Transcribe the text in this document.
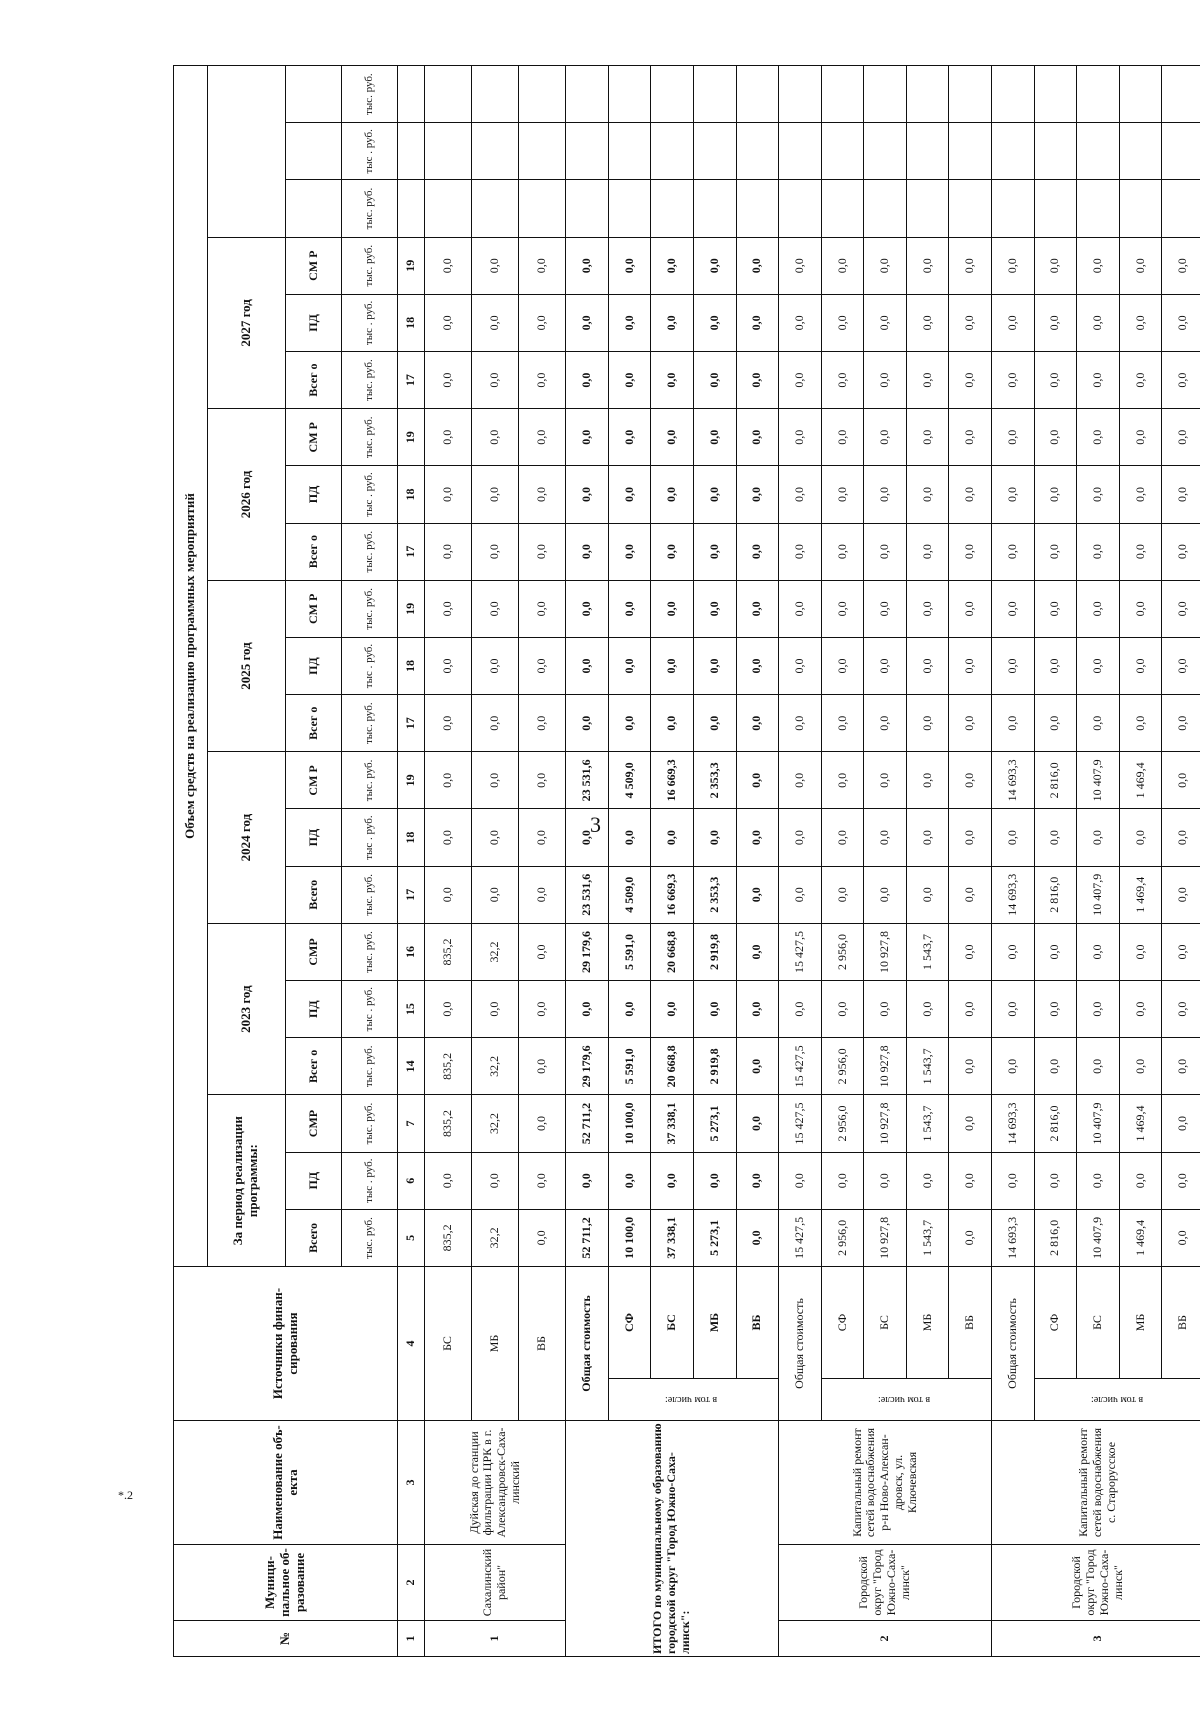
3
*.2
№	Муници-пальное об-разование	Наименование объ-екта	Источники финан-сирования		Объем средств на реализацию программных мероприятий																				
					За период реализации программы:			2023 год			2024 год			2025 год			2026 год			2027 год					
					Всего	ПД	СМР	Всег о	ПД	СМР	Всего	ПД	СМ Р	Всег о	ПД	СМ Р	Всег о	ПД	СМ Р	Всег о	ПД	СМ Р			
					тыс. руб.	тыс . руб.	тыс. руб.	тыс. руб.	тыс . руб.	тыс. руб.	тыс. руб.	тыс . руб.	тыс. руб.	тыс. руб.	тыс . руб.	тыс. руб.	тыс. руб.	тыс . руб.	тыс. руб.	тыс. руб.	тыс . руб.	тыс. руб.	тыс. руб.	тыс . руб.	тыс. руб.
1	2	3	4		5	6	7	14	15	16	17	18	19	17	18	19	17	18	19	17	18	19			
1	Сахалинский район"	Дуйская до станции фильтрации ЦРК в г. Александровск-Саха-линский	БС		835,2	0,0	835,2	835,2	0,0	835,2	0,0	0,0	0,0	0,0	0,0	0,0	0,0	0,0	0,0	0,0	0,0	0,0			
			МБ		32,2	0,0	32,2	32,2	0,0	32,2	0,0	0,0	0,0	0,0	0,0	0,0	0,0	0,0	0,0	0,0	0,0	0,0			
			ВБ		0,0	0,0	0,0	0,0	0,0	0,0	0,0	0,0	0,0	0,0	0,0	0,0	0,0	0,0	0,0	0,0	0,0	0,0			
ИТОГО по муниципальному образованию городской округ "Город Южно-Саха-линск":			Общая стоимость		52 711,2	0,0	52 711,2	29 179,6	0,0	29 179,6	23 531,6	0,0	23 531,6	0,0	0,0	0,0	0,0	0,0	0,0	0,0	0,0	0,0			
			в том числе:	СФ	10 100,0	0,0	10 100,0	5 591,0	0,0	5 591,0	4 509,0	0,0	4 509,0	0,0	0,0	0,0	0,0	0,0	0,0	0,0	0,0	0,0			
				БС	37 338,1	0,0	37 338,1	20 668,8	0,0	20 668,8	16 669,3	0,0	16 669,3	0,0	0,0	0,0	0,0	0,0	0,0	0,0	0,0	0,0			
				МБ	5 273,1	0,0	5 273,1	2 919,8	0,0	2 919,8	2 353,3	0,0	2 353,3	0,0	0,0	0,0	0,0	0,0	0,0	0,0	0,0	0,0			
				ВБ	0,0	0,0	0,0	0,0	0,0	0,0	0,0	0,0	0,0	0,0	0,0	0,0	0,0	0,0	0,0	0,0	0,0	0,0			
2	Городской округ "Город Южно-Саха-линск"	Капитальный ремонт сетей водоснабжения р-н Ново-Алексан-дровск, ул. Ключевская	Общая стоимость		15 427,5	0,0	15 427,5	15 427,5	0,0	15 427,5	0,0	0,0	0,0	0,0	0,0	0,0	0,0	0,0	0,0	0,0	0,0	0,0			
			в том числе:	СФ	2 956,0	0,0	2 956,0	2 956,0	0,0	2 956,0	0,0	0,0	0,0	0,0	0,0	0,0	0,0	0,0	0,0	0,0	0,0	0,0			
				БС	10 927,8	0,0	10 927,8	10 927,8	0,0	10 927,8	0,0	0,0	0,0	0,0	0,0	0,0	0,0	0,0	0,0	0,0	0,0	0,0			
				МБ	1 543,7	0,0	1 543,7	1 543,7	0,0	1 543,7	0,0	0,0	0,0	0,0	0,0	0,0	0,0	0,0	0,0	0,0	0,0	0,0			
				ВБ	0,0	0,0	0,0	0,0	0,0	0,0	0,0	0,0	0,0	0,0	0,0	0,0	0,0	0,0	0,0	0,0	0,0	0,0			
3	Городской округ "Город Южно-Саха-линск"	Капитальный ремонт сетей водоснабжения с. Старорусское	Общая стоимость		14 693,3	0,0	14 693,3	0,0	0,0	0,0	14 693,3	0,0	14 693,3	0,0	0,0	0,0	0,0	0,0	0,0	0,0	0,0	0,0			
			в том числе:	СФ	2 816,0	0,0	2 816,0	0,0	0,0	0,0	2 816,0	0,0	2 816,0	0,0	0,0	0,0	0,0	0,0	0,0	0,0	0,0	0,0			
				БС	10 407,9	0,0	10 407,9	0,0	0,0	0,0	10 407,9	0,0	10 407,9	0,0	0,0	0,0	0,0	0,0	0,0	0,0	0,0	0,0			
				МБ	1 469,4	0,0	1 469,4	0,0	0,0	0,0	1 469,4	0,0	1 469,4	0,0	0,0	0,0	0,0	0,0	0,0	0,0	0,0	0,0			
				ВБ	0,0	0,0	0,0	0,0	0,0	0,0	0,0	0,0	0,0	0,0	0,0	0,0	0,0	0,0	0,0	0,0	0,0	0,0			
